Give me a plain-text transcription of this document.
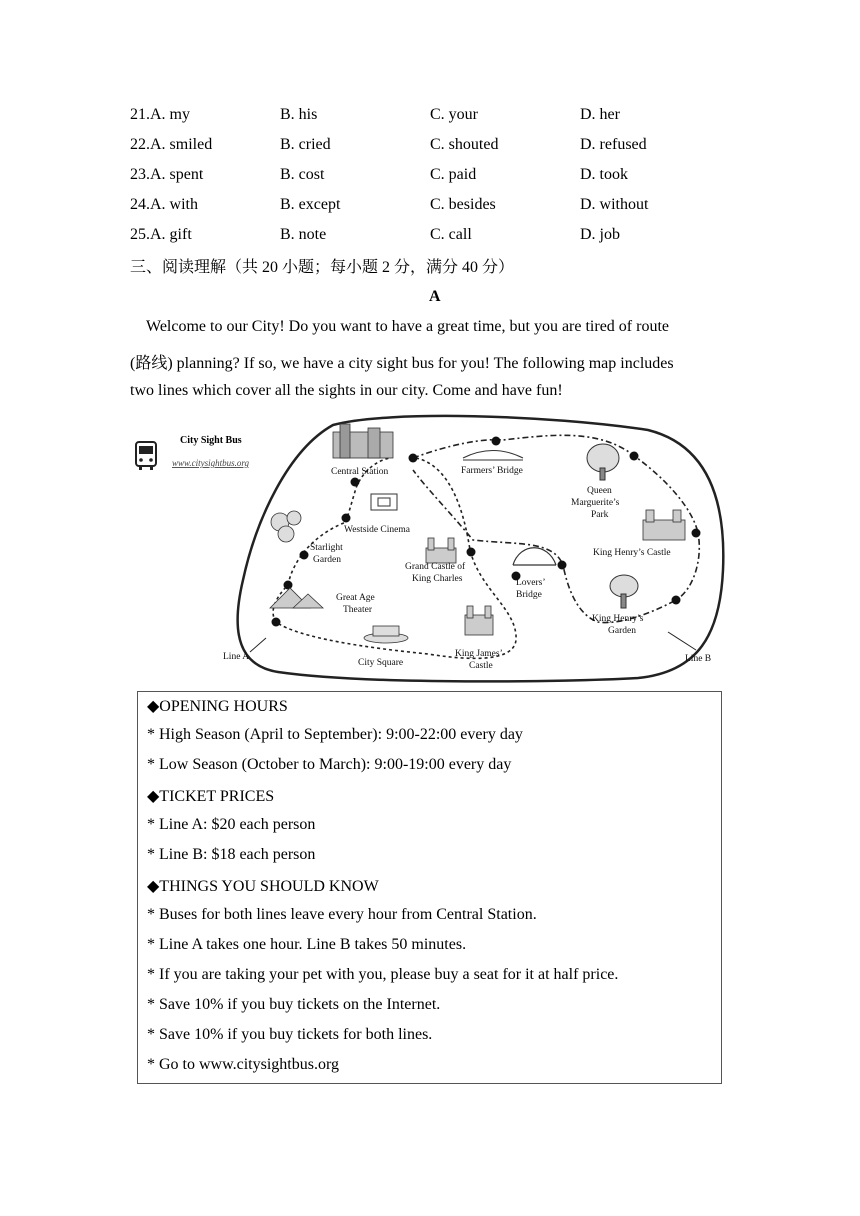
21.A. my	B. his	C. your	D. her
22.A. smiled	B. cried	C. shouted	D. refused
23.A. spent	B. cost	C. paid	D. took
24.A. with	B. except	C. besides	D. without
25.A. gift	B. note	C. call	D. job
三、阅读理解（共 20 小题；每小题 2 分，满分 40 分）
A
Welcome to our City! Do you want to have a great time, but you are tired of route
(路线) planning? If so, we have a city sight bus for you! The following map includes
two lines which cover all the sights in our city. Come and have fun!
City Sight Bus
www.citysightbus.org
Central Station	Farmers’ Bridge
Queen
Marguerite’s
Park
Westside Cinema
Starlight
Garden
Grand Castle of
King Charles	Lovers’
Bridge
King Henry’s Castle
King Henry’s
Garden
Great Age
Theater
City Square
King James’
Castle
Line A	Line B
◆OPENING HOURS
* High Season (April to September): 9:00-22:00 every day
* Low Season (October to March): 9:00-19:00 every day
◆TICKET PRICES
* Line A: $20 each person
* Line B: $18 each person
◆THINGS YOU SHOULD KNOW
* Buses for both lines leave every hour from Central Station.
* Line A takes one hour. Line B takes 50 minutes.
* If you are taking your pet with you, please buy a seat for it at half price.
* Save 10% if you buy tickets on the Internet.
* Save 10% if you buy tickets for both lines.
* Go to www.citysightbus.org
